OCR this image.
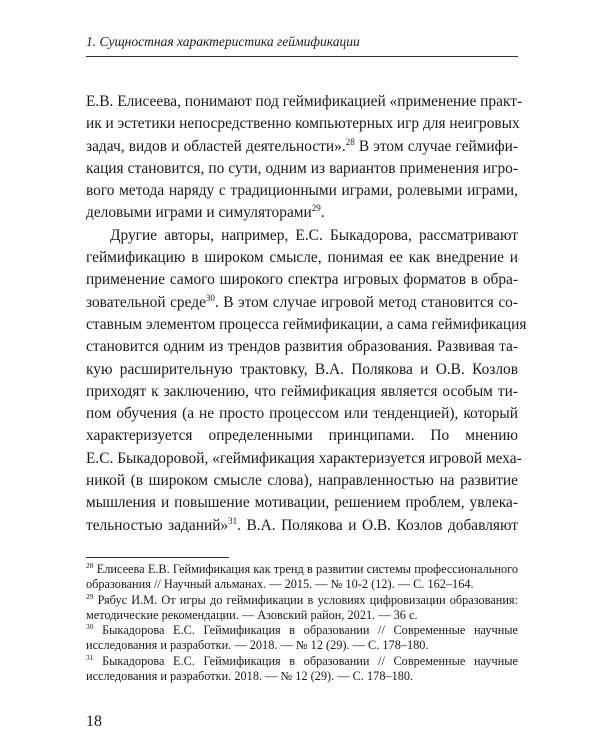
1. Сущностная характеристика геймификации

Е.В. Елисеева, понимают под геймификацией «применение практ-
ик и эстетики непосредственно компьютерных игр для неигровых
задач, видов и областей деятельности».$^{28}$ В этом случае геймифи-
кация становится, по сути, одним из вариантов применения игро-
вого метода наряду с традиционными играми, ролевыми играми,
деловыми играми и симуляторами$^{29}$.

Другие авторы, например, Е.С. Быкадорова, рассматривают
геймификацию в широком смысле, понимая ее как внедрение и
применение самого широкого спектра игровых форматов в обра-
зовательной среде$^{30}$. В этом случае игровой метод становится со-
ставным элементом процесса геймификации, а сама геймификация
становится одним из трендов развития образования. Развивая та-
кую расширительную трактовку, В.А. Полякова и О.В. Козлов
приходят к заключению, что геймификация является особым ти-
пом обучения (а не просто процессом или тенденцией), который
характеризуется определенными принципами. По мнению
Е.С. Быкадоровой, «геймификация характеризуется игровой меха-
никой (в широком смысле слова), направленностью на развитие
мышления и повышение мотивации, решением проблем, увлека-
тельностью заданий»$^{31}$. В.А. Полякова и О.В. Козлов добавляют

$^{28}$ Елисеева Е.В. Геймификация как тренд в развитии системы профессионального образования // Научный альманах. — 2015. — № 10-2 (12). — С. 162–164.
$^{29}$ Рябус И.М. От игры до геймификации в условиях цифровизации образования: методические рекомендации. — Азовский район, 2021. — 36 с.
$^{30}$ Быкадорова Е.С. Геймификация в образовании // Современные научные исследования и разработки. — 2018. — № 12 (29). — С. 178–180.
$^{31}$ Быкадорова Е.С. Геймификация в образовании // Современные научные исследования и разработки. 2018. — № 12 (29). — С. 178–180.
18
